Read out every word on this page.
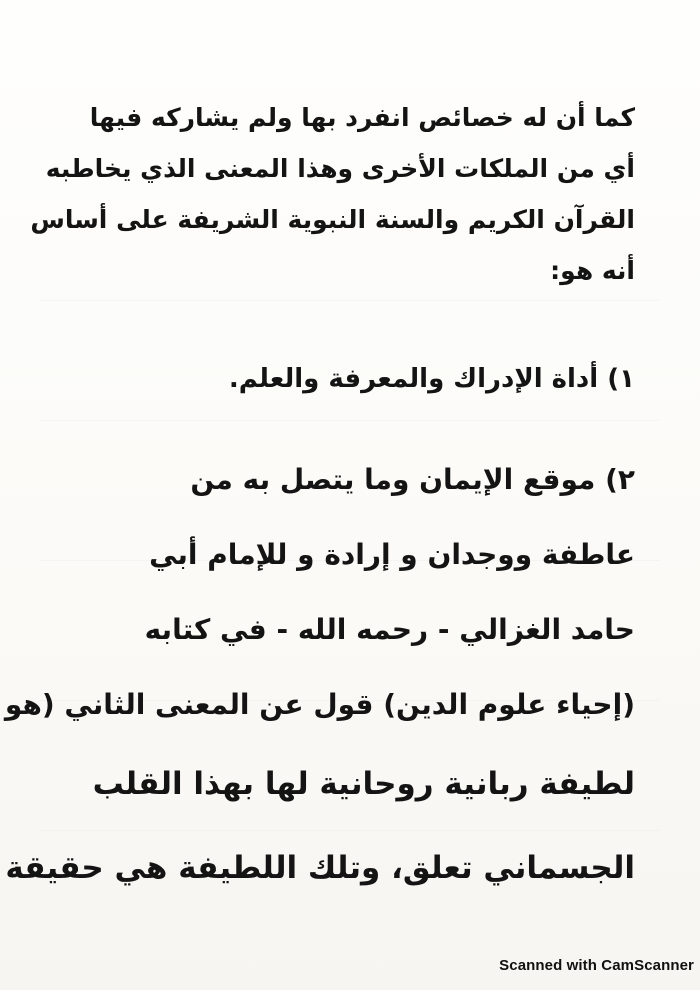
كما أن له خصائص انفرد بها ولم يشاركه فيها
أي من الملكات الأخرى وهذا المعنى الذي يخاطبه
القرآن الكريم والسنة النبوية الشريفة على أساس
أنه هو:
١) أداة الإدراك والمعرفة والعلم.
٢) موقع الإيمان وما يتصل به من
عاطفة ووجدان و إرادة و للإمام أبي
حامد الغزالي - رحمه الله - في كتابه
(إحياء علوم الدين) قول عن المعنى الثاني (هو
لطيفة ربانية روحانية لها بهذا القلب
الجسماني تعلق، وتلك اللطيفة هي حقيقة
Scanned with CamScanner
